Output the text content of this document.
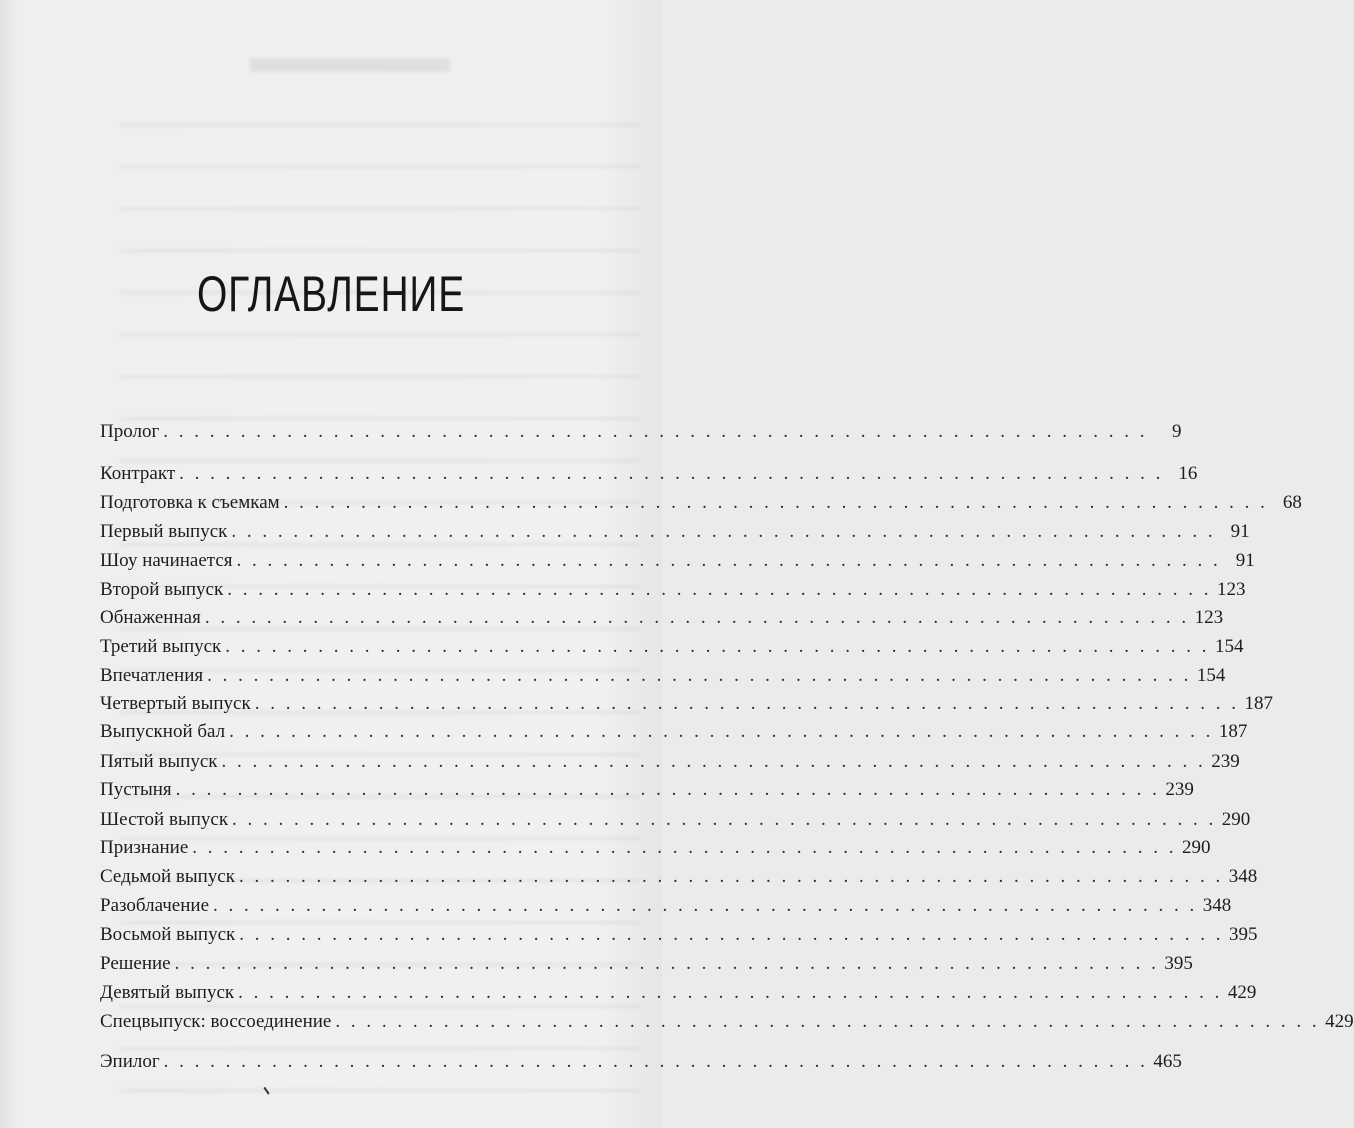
ОГЛАВЛЕНИЕ
Пролог . . . . . . . . . . . . . . . . . . . . . . . . . . . . . . . . . . . . . . . . . . . . . . . . . . . . . . . . . . . . . . . .	9
Контракт . . . . . . . . . . . . . . . . . . . . . . . . . . . . . . . . . . . . . . . . . . . . . . . . . . . . . . . . . . . . . . . . 16
Подготовка к съемкам . . . . . . . . . . . . . . . . . . . . . . . . . . . . . . . . . . . . . . . . . . . . . . . . . . . . . . . . . . . . . . . . 68
Первый выпуск . . . . . . . . . . . . . . . . . . . . . . . . . . . . . . . . . . . . . . . . . . . . . . . . . . . . . . . . . . . . . . . . 91
Шоу начинается . . . . . . . . . . . . . . . . . . . . . . . . . . . . . . . . . . . . . . . . . . . . . . . . . . . . . . . . . . . . . . . . 91
Второй выпуск . . . . . . . . . . . . . . . . . . . . . . . . . . . . . . . . . . . . . . . . . . . . . . . . . . . . . . . . . . . . . . . . 123
Обнаженная . . . . . . . . . . . . . . . . . . . . . . . . . . . . . . . . . . . . . . . . . . . . . . . . . . . . . . . . . . . . . . . . 123
Третий выпуск . . . . . . . . . . . . . . . . . . . . . . . . . . . . . . . . . . . . . . . . . . . . . . . . . . . . . . . . . . . . . . . . 154
Впечатления . . . . . . . . . . . . . . . . . . . . . . . . . . . . . . . . . . . . . . . . . . . . . . . . . . . . . . . . . . . . . . . . 154
Четвертый выпуск . . . . . . . . . . . . . . . . . . . . . . . . . . . . . . . . . . . . . . . . . . . . . . . . . . . . . . . . . . . . . . . . 187
Выпускной бал . . . . . . . . . . . . . . . . . . . . . . . . . . . . . . . . . . . . . . . . . . . . . . . . . . . . . . . . . . . . . . . . 187
Пятый выпуск . . . . . . . . . . . . . . . . . . . . . . . . . . . . . . . . . . . . . . . . . . . . . . . . . . . . . . . . . . . . . . . . 239
Пустыня . . . . . . . . . . . . . . . . . . . . . . . . . . . . . . . . . . . . . . . . . . . . . . . . . . . . . . . . . . . . . . . . 239
Шестой выпуск . . . . . . . . . . . . . . . . . . . . . . . . . . . . . . . . . . . . . . . . . . . . . . . . . . . . . . . . . . . . . . . . 290
Признание . . . . . . . . . . . . . . . . . . . . . . . . . . . . . . . . . . . . . . . . . . . . . . . . . . . . . . . . . . . . . . . . 290
Седьмой выпуск . . . . . . . . . . . . . . . . . . . . . . . . . . . . . . . . . . . . . . . . . . . . . . . . . . . . . . . . . . . . . . . . 348
Разоблачение . . . . . . . . . . . . . . . . . . . . . . . . . . . . . . . . . . . . . . . . . . . . . . . . . . . . . . . . . . . . . . . . 348
Восьмой выпуск . . . . . . . . . . . . . . . . . . . . . . . . . . . . . . . . . . . . . . . . . . . . . . . . . . . . . . . . . . . . . . . . 395
Решение . . . . . . . . . . . . . . . . . . . . . . . . . . . . . . . . . . . . . . . . . . . . . . . . . . . . . . . . . . . . . . . . 395
Девятый выпуск . . . . . . . . . . . . . . . . . . . . . . . . . . . . . . . . . . . . . . . . . . . . . . . . . . . . . . . . . . . . . . . . 429
Спецвыпуск: воссоединение . . . . . . . . . . . . . . . . . . . . . . . . . . . . . . . . . . . . . . . . . . . . . . . . . . . . . . . . . . . . . . . . 429
Эпилог . . . . . . . . . . . . . . . . . . . . . . . . . . . . . . . . . . . . . . . . . . . . . . . . . . . . . . . . . . . . . . . . 465
